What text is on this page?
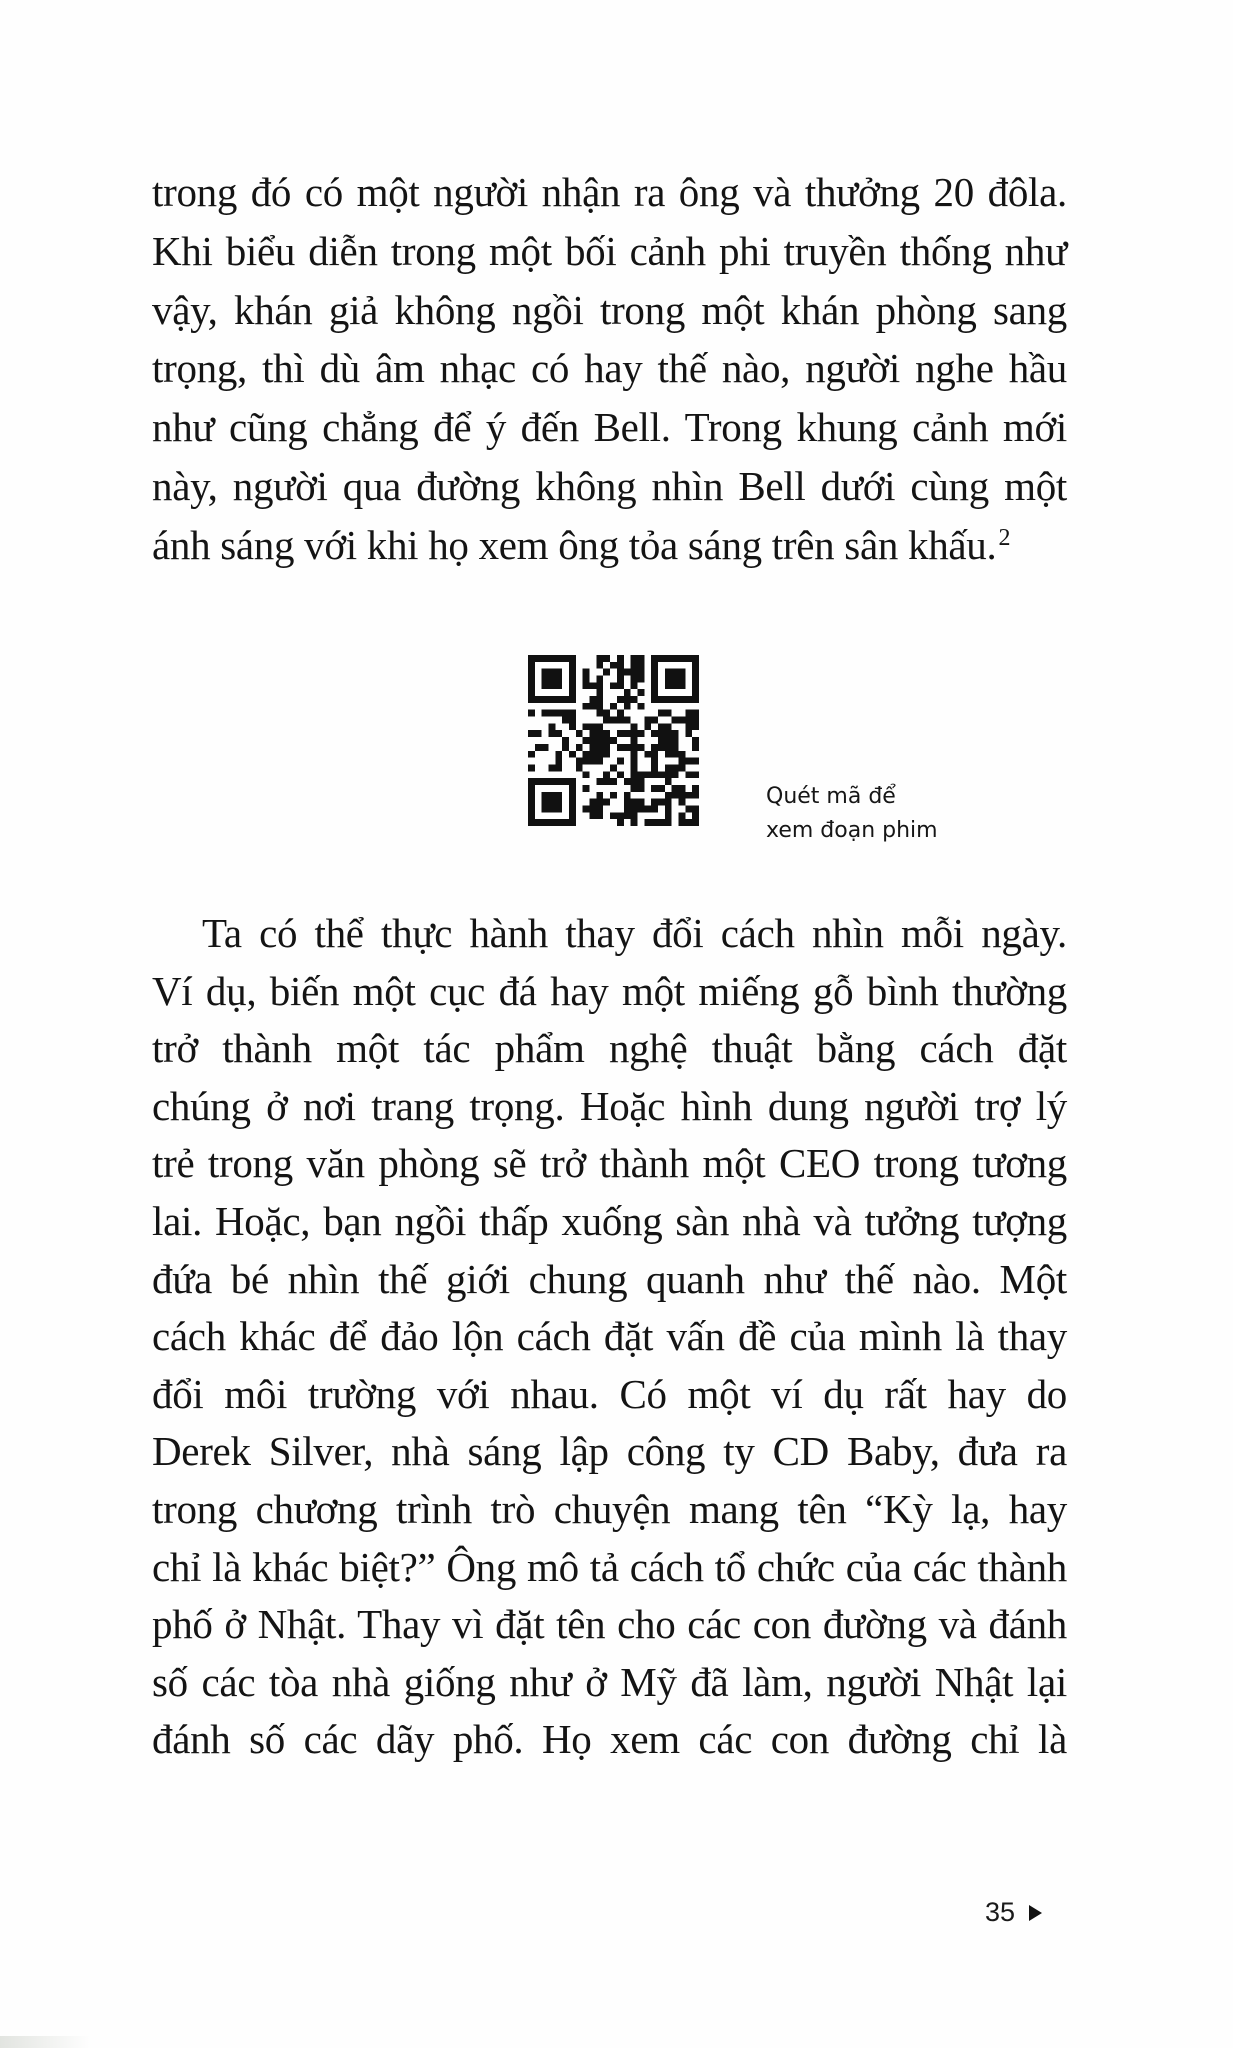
trong đó có một người nhận ra ông và thưởng 20 đôla.
Khi biểu diễn trong một bối cảnh phi truyền thống như
vậy, khán giả không ngồi trong một khán phòng sang
trọng, thì dù âm nhạc có hay thế nào, người nghe hầu
như cũng chẳng để ý đến Bell. Trong khung cảnh mới
này, người qua đường không nhìn Bell dưới cùng một
ánh sáng với khi họ xem ông tỏa sáng trên sân khấu.$^2$
Quét mã để
xem đoạn phim
Ta có thể thực hành thay đổi cách nhìn mỗi ngày.
Ví dụ, biến một cục đá hay một miếng gỗ bình thường
trở thành một tác phẩm nghệ thuật bằng cách đặt
chúng ở nơi trang trọng. Hoặc hình dung người trợ lý
trẻ trong văn phòng sẽ trở thành một CEO trong tương
lai. Hoặc, bạn ngồi thấp xuống sàn nhà và tưởng tượng
đứa bé nhìn thế giới chung quanh như thế nào. Một
cách khác để đảo lộn cách đặt vấn đề của mình là thay
đổi môi trường với nhau. Có một ví dụ rất hay do
Derek Silver, nhà sáng lập công ty CD Baby, đưa ra
trong chương trình trò chuyện mang tên “Kỳ lạ, hay
chỉ là khác biệt?” Ông mô tả cách tổ chức của các thành
phố ở Nhật. Thay vì đặt tên cho các con đường và đánh
số các tòa nhà giống như ở Mỹ đã làm, người Nhật lại
đánh số các dãy phố. Họ xem các con đường chỉ là
35
